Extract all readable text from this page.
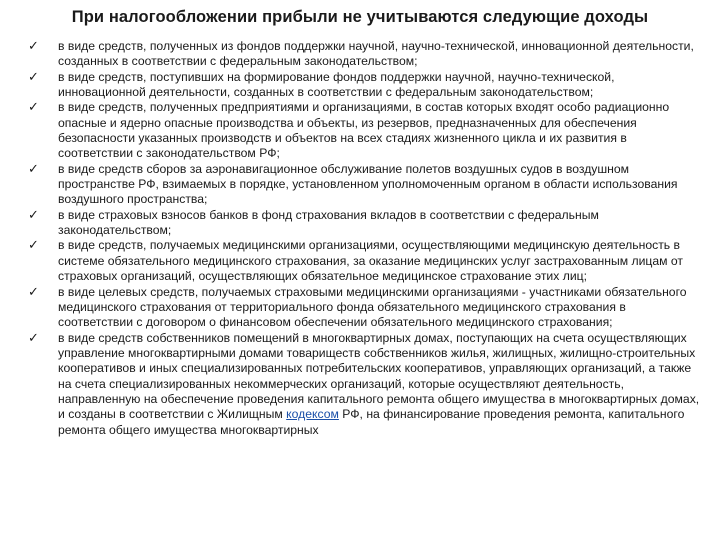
При налогообложении прибыли не учитываются следующие доходы
✓ в виде средств, полученных из фондов поддержки научной, научно-технической, инновационной деятельности, созданных в соответствии с федеральным законодательством;
✓ в виде средств, поступивших на формирование фондов поддержки научной, научно-технической, инновационной деятельности, созданных в соответствии с федеральным законодательством;
✓ в виде средств, полученных предприятиями и организациями, в состав которых входят особо радиационно опасные и ядерно опасные производства и объекты, из резервов, предназначенных для обеспечения безопасности указанных производств и объектов на всех стадиях жизненного цикла и их развития в соответствии с законодательством РФ;
✓ в виде средств сборов за аэронавигационное обслуживание полетов воздушных судов в воздушном пространстве РФ, взимаемых в порядке, установленном уполномоченным органом в области использования воздушного пространства;
✓ в виде страховых взносов банков в фонд страхования вкладов в соответствии с федеральным законодательством;
✓ в виде средств, получаемых медицинскими организациями, осуществляющими медицинскую деятельность в системе обязательного медицинского страхования, за оказание медицинских услуг застрахованным лицам от страховых организаций, осуществляющих обязательное медицинское страхование этих лиц;
✓ в виде целевых средств, получаемых страховыми медицинскими организациями - участниками обязательного медицинского страхования от территориального фонда обязательного медицинского страхования в соответствии с договором о финансовом обеспечении обязательного медицинского страхования;
✓ в виде средств собственников помещений в многоквартирных домах, поступающих на счета осуществляющих управление многоквартирными домами товариществ собственников жилья, жилищных, жилищно-строительных кооперативов и иных специализированных потребительских кооперативов, управляющих организаций, а также на счета специализированных некоммерческих организаций, которые осуществляют деятельность, направленную на обеспечение проведения капитального ремонта общего имущества в многоквартирных домах, и созданы в соответствии с Жилищным кодексом РФ, на финансирование проведения ремонта, капитального ремонта общего имущества многоквартирных
